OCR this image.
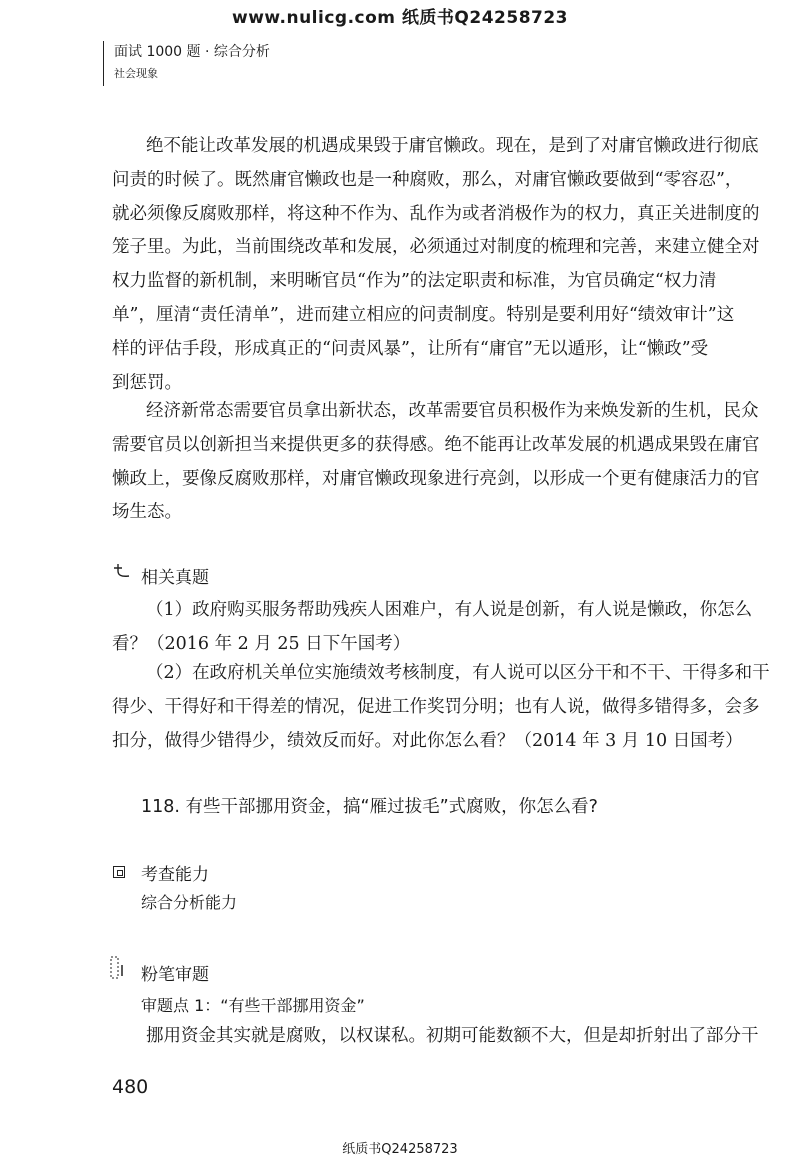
www.nulicg.com 纸质书Q24258723
面试 1000 题 · 综合分析
社会现象
绝不能让改革发展的机遇成果毁于庸官懒政。现在，是到了对庸官懒政进行彻底
问责的时候了。既然庸官懒政也是一种腐败，那么，对庸官懒政要做到“零容忍”，
就必须像反腐败那样，将这种不作为、乱作为或者消极作为的权力，真正关进制度的
笼子里。为此，当前围绕改革和发展，必须通过对制度的梳理和完善，来建立健全对
权力监督的新机制，来明晰官员“作为”的法定职责和标准，为官员确定“权力清
单”，厘清“责任清单”，进而建立相应的问责制度。特别是要利用好“绩效审计”这
样的评估手段，形成真正的“问责风暴”，让所有“庸官”无以遁形，让“懒政”受
到惩罚。
经济新常态需要官员拿出新状态，改革需要官员积极作为来焕发新的生机，民众
需要官员以创新担当来提供更多的获得感。绝不能再让改革发展的机遇成果毁在庸官
懒政上，要像反腐败那样，对庸官懒政现象进行亮剑，以形成一个更有健康活力的官
场生态。
相关真题
（1）政府购买服务帮助残疾人困难户，有人说是创新，有人说是懒政，你怎么
看？（2016 年 2 月 25 日下午国考）
（2）在政府机关单位实施绩效考核制度，有人说可以区分干和不干、干得多和干
得少、干得好和干得差的情况，促进工作奖罚分明；也有人说，做得多错得多，会多
扣分，做得少错得少，绩效反而好。对此你怎么看？（2014 年 3 月 10 日国考）
118. 有些干部挪用资金，搞“雁过拔毛”式腐败，你怎么看?
考查能力
综合分析能力
粉笔审题
审题点 1：“有些干部挪用资金”
挪用资金其实就是腐败，以权谋私。初期可能数额不大，但是却折射出了部分干
480
纸质书Q24258723
